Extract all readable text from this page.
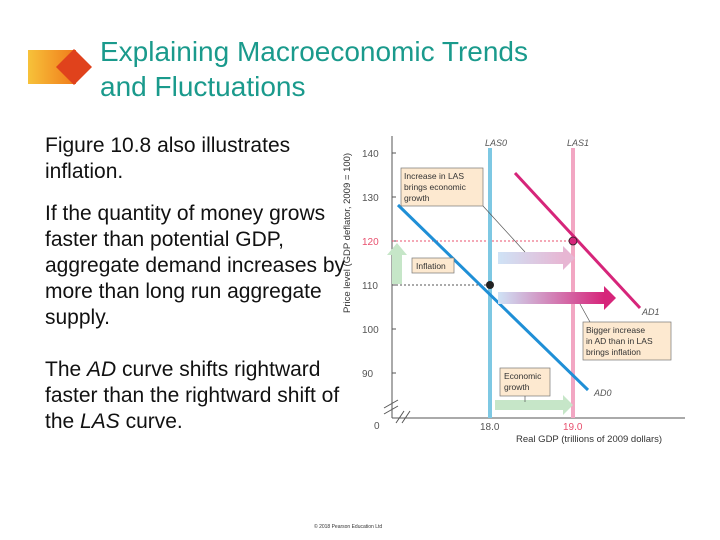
Explaining Macroeconomic Trends
and Fluctuations
Figure 10.8 also illustrates inflation.
If the quantity of money grows faster than potential GDP, aggregate demand increases by more than long run aggregate supply.
The AD curve shifts rightward faster than the rightward shift of the LAS curve.
Price level (GDP deflator, 2009 = 100) 140
130
120
110
100
90
0
LAS0	LAS1
AD0
AD1
Increase in LAS
brings economic
growth
Inflation
Bigger increase
in AD than in LAS
brings inflation
Economic
growth
18.0	19.0
Real GDP (trillions of 2009 dollars)
© 2018 Pearson Education Ltd
